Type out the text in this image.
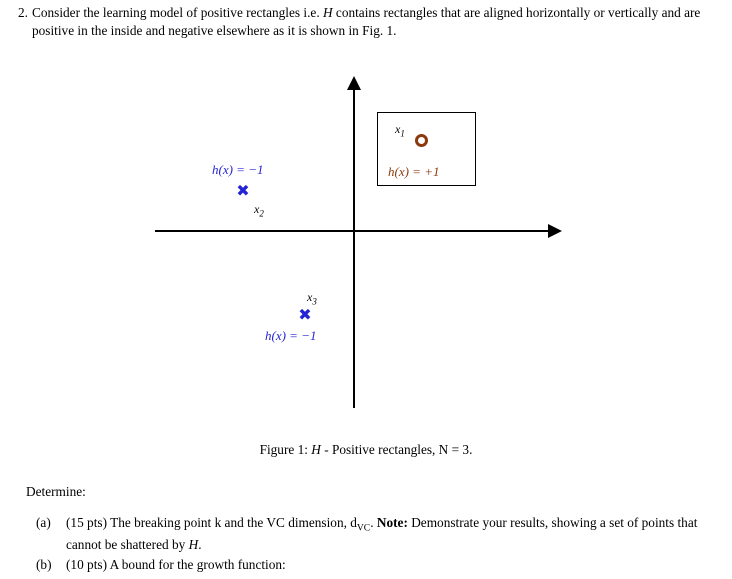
2. Consider the learning model of positive rectangles i.e. H contains rectangles that are aligned horizontally or vertically and are positive in the inside and negative elsewhere as it is shown in Fig. 1.
$x_1$
h(x) = +1
h(x) = −1
✖
$x_2$
$x_3$
✖
h(x) = −1
Figure 1: H - Positive rectangles, N = 3.
Determine:
(a)	(15 pts) The breaking point k and the VC dimension, $d_{VC}$. Note: Demonstrate your results, showing a set of points that cannot be shattered by H.
(b)	(10 pts) A bound for the growth function:
